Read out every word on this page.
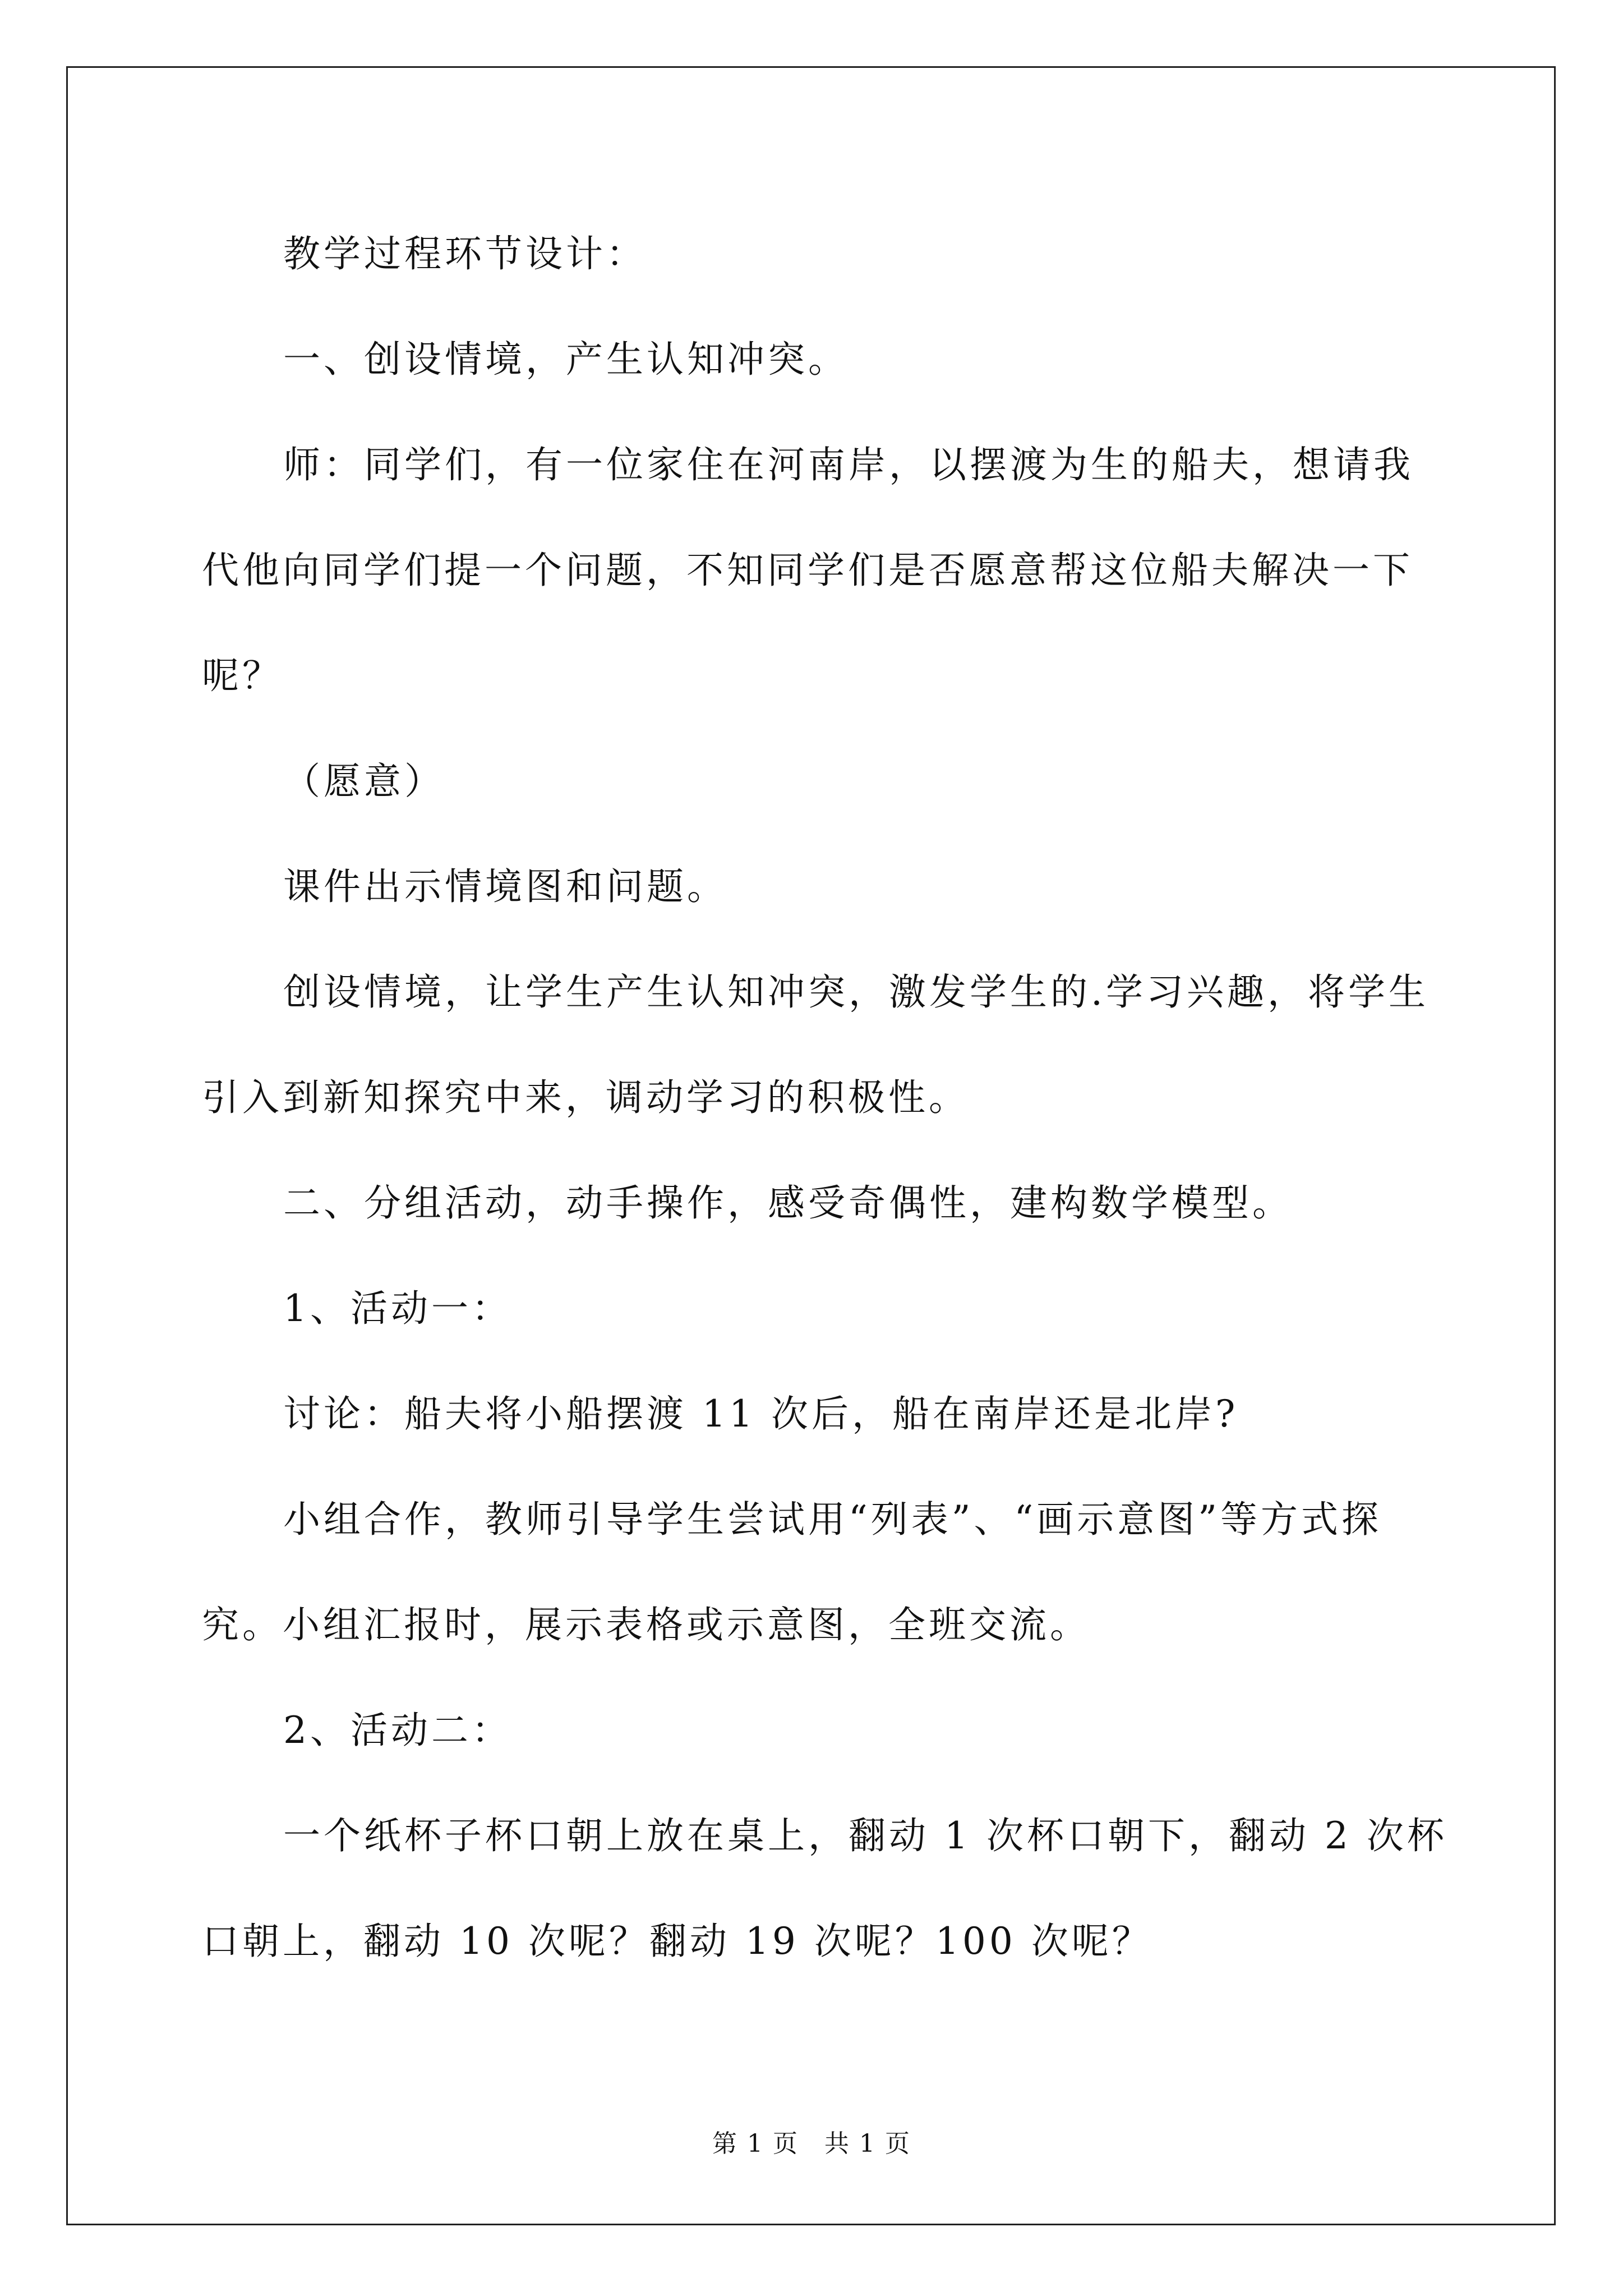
教学过程环节设计：
一、创设情境，产生认知冲突。
师：同学们，有一位家住在河南岸，以摆渡为生的船夫，想请我
代他向同学们提一个问题，不知同学们是否愿意帮这位船夫解决一下
呢？
（愿意）
课件出示情境图和问题。
创设情境，让学生产生认知冲突，激发学生的.学习兴趣，将学生
引入到新知探究中来，调动学习的积极性。
二、分组活动，动手操作，感受奇偶性，建构数学模型。
1、活动一：
讨论：船夫将小船摆渡 11 次后，船在南岸还是北岸?
小组合作，教师引导学生尝试用“列表”、“画示意图”等方式探
究。小组汇报时，展示表格或示意图，全班交流。
2、活动二：
一个纸杯子杯口朝上放在桌上，翻动 1 次杯口朝下，翻动 2 次杯
口朝上，翻动 10 次呢？翻动 19 次呢？100 次呢？
第 1 页　共 1 页
